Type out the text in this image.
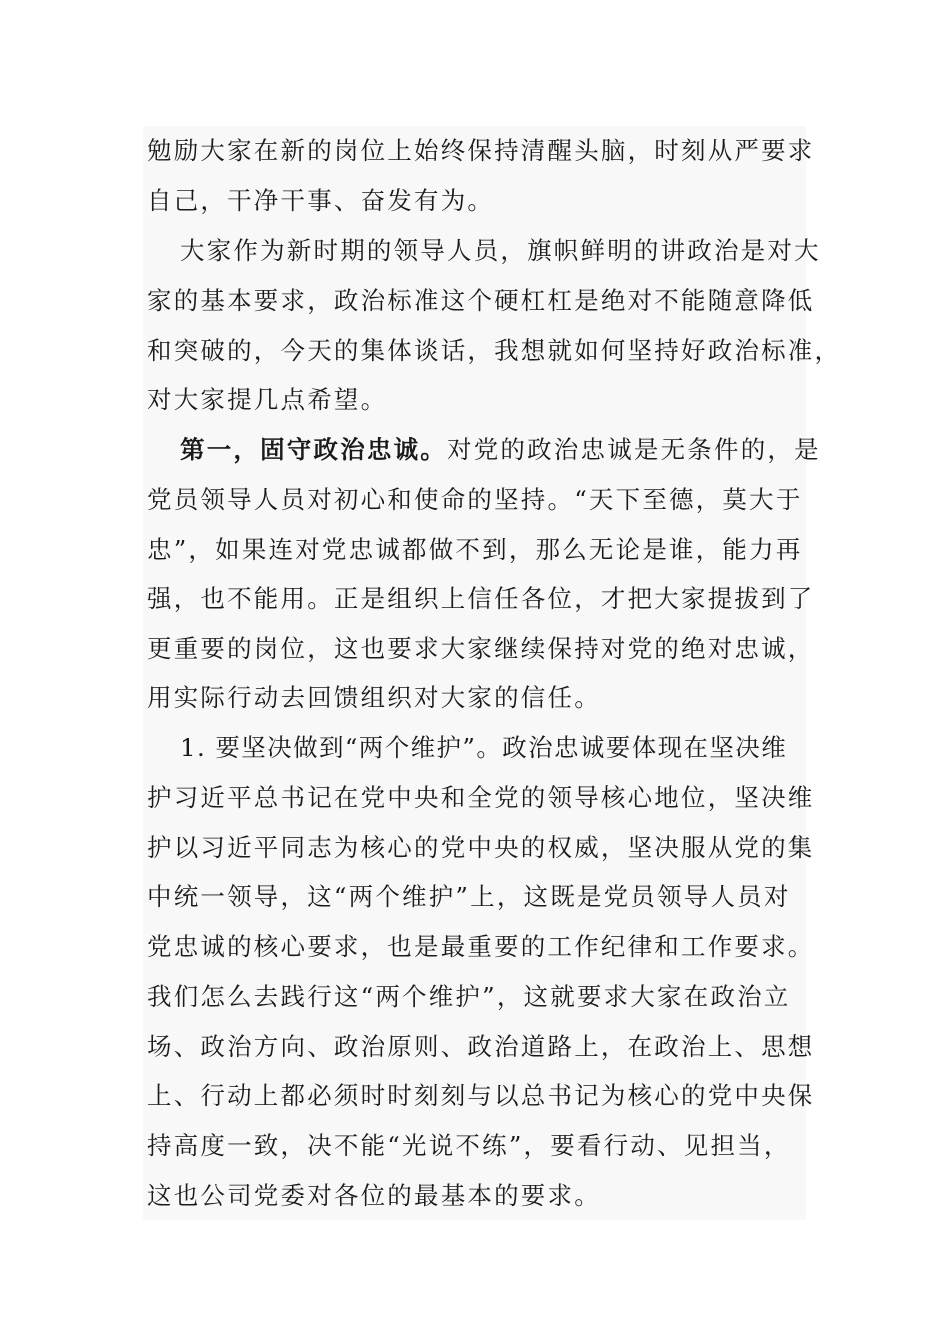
勉励大家在新的岗位上始终保持清醒头脑，时刻从严要求
自己，干净干事、奋发有为。
大家作为新时期的领导人员，旗帜鲜明的讲政治是对大
家的基本要求，政治标准这个硬杠杠是绝对不能随意降低
和突破的，今天的集体谈话，我想就如何坚持好政治标准，
对大家提几点希望。
第一，固守政治忠诚。对党的政治忠诚是无条件的，是
党员领导人员对初心和使命的坚持。“天下至德，莫大于
忠”，如果连对党忠诚都做不到，那么无论是谁，能力再
强，也不能用。正是组织上信任各位，才把大家提拔到了
更重要的岗位，这也要求大家继续保持对党的绝对忠诚，
用实际行动去回馈组织对大家的信任。
1. 要坚决做到“两个维护”。政治忠诚要体现在坚决维
护习近平总书记在党中央和全党的领导核心地位，坚决维
护以习近平同志为核心的党中央的权威，坚决服从党的集
中统一领导，这“两个维护”上，这既是党员领导人员对
党忠诚的核心要求，也是最重要的工作纪律和工作要求。
我们怎么去践行这“两个维护”，这就要求大家在政治立
场、政治方向、政治原则、政治道路上，在政治上、思想
上、行动上都必须时时刻刻与以总书记为核心的党中央保
持高度一致，决不能“光说不练”，要看行动、见担当，
这也公司党委对各位的最基本的要求。
